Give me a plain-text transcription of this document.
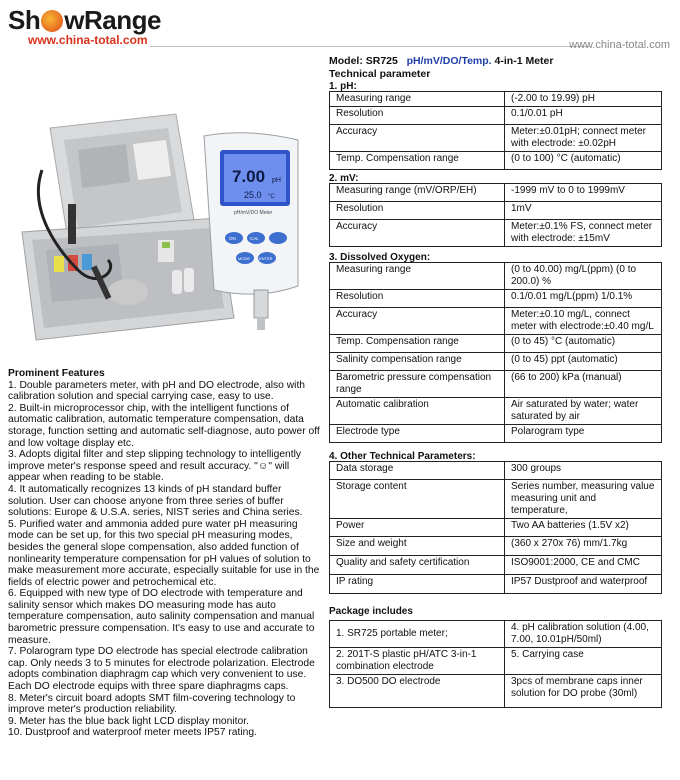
Sh wRange
www.china-total.com	www.china-total.com
7.00 pH
25.0 °C
pH/mV/DO Meter
ON	CAL
MODE ENTER
Model: SR725 pH/mV/DO/Temp. 4-in-1 Meter
Technical parameter
1. pH:
Measuring range	(-2.00 to 19.99) pH
Resolution	0.1/0.01 pH
Accuracy	Meter:±0.01pH; connect meter with electrode: ±0.02pH
Temp. Compensation range	(0 to 100) °C (automatic)
2. mV:
Measuring range (mV/ORP/EH)	-1999 mV to 0 to 1999mV
Resolution	1mV
Accuracy	Meter:±0.1% FS, connect meter with electrode: ±15mV
3. Dissolved Oxygen:
Measuring range	(0 to 40.00) mg/L(ppm) (0 to 200.0) %
Resolution	0.1/0.01 mg/L(ppm) 1/0.1%
Accuracy	Meter:±0.10 mg/L, connect meter with electrode:±0.40 mg/L
Temp. Compensation range	(0 to 45) °C (automatic)
Salinity compensation range	(0 to 45) ppt (automatic)
Barometric pressure compensation range	(66 to 200) kPa (manual)
Automatic calibration	Air saturated by water; water saturated by air
Electrode type	Polarogram type
4. Other Technical Parameters:
Data storage	300 groups
Storage content	Series number, measuring value measuring unit and temperature,
Power	Two AA batteries (1.5V x2)
Size and weight	(360 x 270x 76) mm/1.7kg
Quality and safety certification	ISO9001:2000, CE and CMC
IP rating	IP57 Dustproof and waterproof
Package includes
1. SR725 portable meter;	4. pH calibration solution (4.00, 7.00, 10.01pH/50ml)
2. 201T-S plastic pH/ATC 3-in-1 combination electrode	5. Carrying case
3. DO500 DO electrode	3pcs of membrane caps inner solution for DO probe (30ml)
Prominent Features
1. Double parameters meter, with pH and DO electrode, also with calibration solution and special carrying case, easy to use.
2. Built-in microprocessor chip, with the intelligent functions of automatic calibration, automatic temperature compensation, data storage, function setting and automatic self-diagnose, auto power off and low voltage display etc.
3. Adopts digital filter and step slipping technology to intelligently improve meter's response speed and result accuracy. "☺" will appear when reading to be stable.
4. It automatically recognizes 13 kinds of pH standard buffer solution. User can choose anyone from three series of buffer solutions: Europe & U.S.A. series, NIST series and China series.
5. Purified water and ammonia added pure water pH measuring mode can be set up, for this two special pH measuring modes, besides the general slope compensation, also added function of nonlinearity temperature compensation for pH values of solution to make measurement more accurate, especially suitable for use in the fields of electric power and petrochemical etc.
6. Equipped with new type of DO electrode with temperature and salinity sensor which makes DO measuring mode has auto temperature compensation, auto salinity compensation and manual barometric pressure compensation. It's easy to use and accurate to measure.
7. Polarogram type DO electrode has special electrode calibration cap. Only needs 3 to 5 minutes for electrode polarization. Electrode adopts combination diaphragm cap which very convenient to use. Each DO electrode equips with three spare diaphragms caps.
8. Meter's circuit board adopts SMT film-covering technology to improve meter's production reliability.
9. Meter has the blue back light LCD display monitor.
10. Dustproof and waterproof meter meets IP57 rating.
